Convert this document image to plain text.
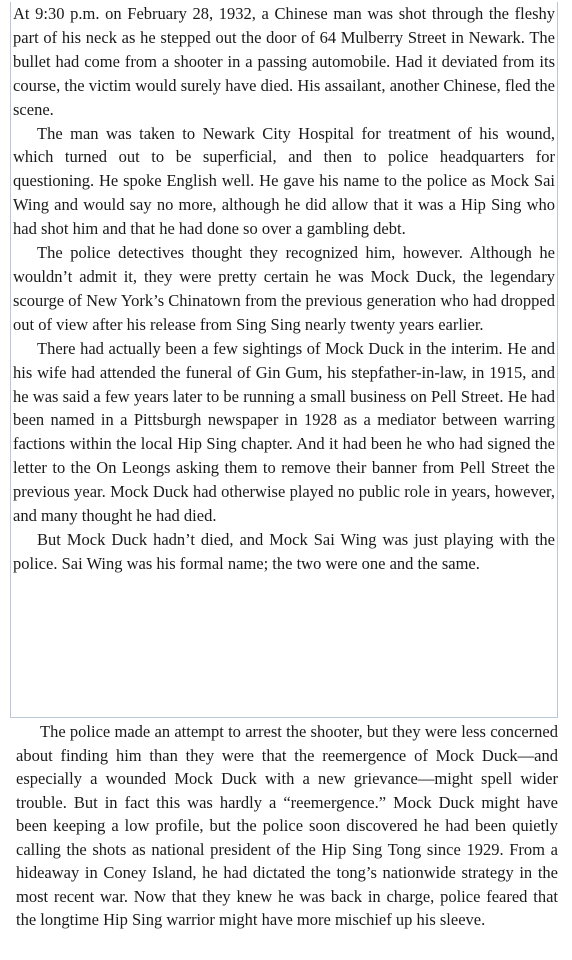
At 9:30 p.m. on February 28, 1932, a Chinese man was shot through the fleshy part of his neck as he stepped out the door of 64 Mulberry Street in Newark. The bullet had come from a shooter in a passing automobile. Had it deviated from its course, the victim would surely have died. His assailant, another Chinese, fled the scene.

The man was taken to Newark City Hospital for treatment of his wound, which turned out to be superficial, and then to police headquarters for questioning. He spoke English well. He gave his name to the police as Mock Sai Wing and would say no more, although he did allow that it was a Hip Sing who had shot him and that he had done so over a gambling debt.

The police detectives thought they recognized him, however. Although he wouldn’t admit it, they were pretty certain he was Mock Duck, the legendary scourge of New York’s Chinatown from the previous generation who had dropped out of view after his release from Sing Sing nearly twenty years earlier.

There had actually been a few sightings of Mock Duck in the interim. He and his wife had attended the funeral of Gin Gum, his stepfather-in-law, in 1915, and he was said a few years later to be running a small business on Pell Street. He had been named in a Pittsburgh newspaper in 1928 as a mediator between warring factions within the local Hip Sing chapter. And it had been he who had signed the letter to the On Leongs asking them to remove their banner from Pell Street the previous year. Mock Duck had otherwise played no public role in years, however, and many thought he had died.

But Mock Duck hadn’t died, and Mock Sai Wing was just playing with the police. Sai Wing was his formal name; the two were one and the same.

The police made an attempt to arrest the shooter, but they were less concerned about finding him than they were that the reemergence of Mock Duck—and especially a wounded Mock Duck with a new grievance—might spell wider trouble. But in fact this was hardly a “reemergence.” Mock Duck might have been keeping a low profile, but the police soon discovered he had been quietly calling the shots as national president of the Hip Sing Tong since 1929. From a hideaway in Coney Island, he had dictated the tong’s nationwide strategy in the most recent war. Now that they knew he was back in charge, police feared that the longtime Hip Sing warrior might have more mischief up his sleeve.
